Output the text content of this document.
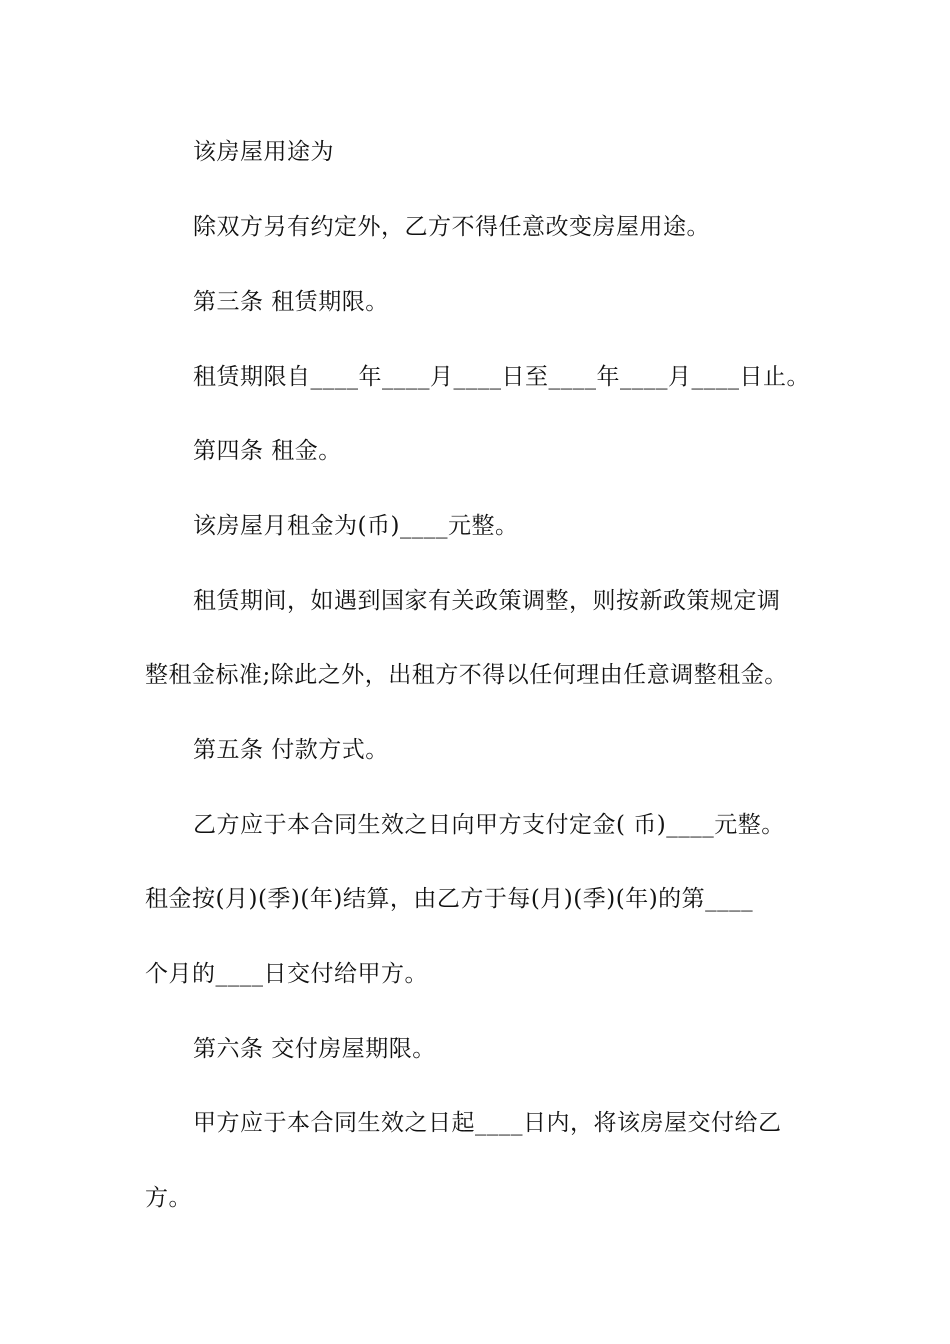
该房屋用途为
除双方另有约定外，乙方不得任意改变房屋用途。
第三条 租赁期限。
租赁期限自____年____月____日至____年____月____日止。
第四条 租金。
该房屋月租金为(币)____元整。
租赁期间，如遇到国家有关政策调整，则按新政策规定调
整租金标准;除此之外，出租方不得以任何理由任意调整租金。
第五条 付款方式。
乙方应于本合同生效之日向甲方支付定金( 币)____元整。
租金按(月)(季)(年)结算，由乙方于每(月)(季)(年)的第____
个月的____日交付给甲方。
第六条 交付房屋期限。
甲方应于本合同生效之日起____日内，将该房屋交付给乙
方。
